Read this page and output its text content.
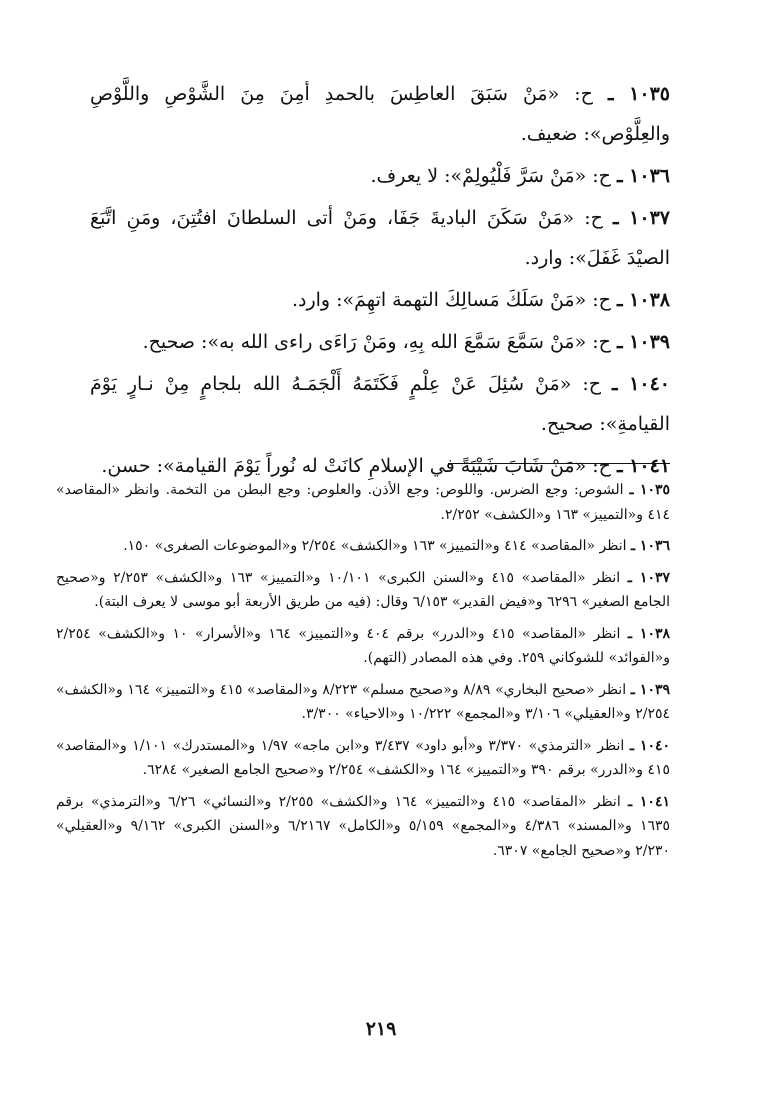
١٠٣٥ ـ ح: «مَنْ سَبَقَ العاطِسَ بالحمدِ أمِنَ مِنَ الشَّوْصِ واللَّوْصِ والعِلَّوْص»: ضعيف.

١٠٣٦ ـ ح: «مَنْ سَرَّ فَلْيُولِمْ»: لا يعرف.

١٠٣٧ ـ ح: «مَنْ سَكَنَ الباديةَ جَفَا، ومَنْ أتى السلطانَ افتُتِنَ، ومَنِ اتَّبَعَ الصيْدَ غَفَلَ»: وارد.

١٠٣٨ ـ ح: «مَنْ سَلَكَ مَسالِكَ التهمة اتهِمَ»: وارد.

١٠٣٩ ـ ح: «مَنْ سَمَّعَ سَمَّعَ الله بِهِ، ومَنْ رَاءَى راءى الله به»: صحيح.

١٠٤٠ ـ ح: «مَنْ سُئِلَ عَنْ عِلْمٍ فَكَتَمَهُ أَلْجَمَـهُ الله بلجامٍ مِنْ نـارٍ يَوْمَ القيامةِ»: صحيح.

١٠٤١ ـ ح: «مَنْ شَابَ شَيْبَةً في الإسلامِ كانَتْ له نُوراً يَوْمَ القيامة»: حسن.

١٠٣٥ ـ الشوص: وجع الضرس. واللوص: وجع الأذن. والعلوص: وجع البطن من التخمة. وانظر «المقاصد» ٤١٤ و«التمييز» ١٦٣ و«الكشف» ٢/٢٥٢.

١٠٣٦ ـ انظر «المقاصد» ٤١٤ و«التمييز» ١٦٣ و«الكشف» ٢/٢٥٤ و«الموضوعات الصغرى» ١٥٠.

١٠٣٧ ـ انظر «المقاصد» ٤١٥ و«السنن الكبرى» ١٠/١٠١ و«التمييز» ١٦٣ و«الكشف» ٢/٢٥٣ و«صحيح الجامع الصغير» ٦٢٩٦ و«فيض القدير» ٦/١٥٣ وقال: (فيه من طريق الأربعة أبو موسى لا يعرف البتة).

١٠٣٨ ـ انظر «المقاصد» ٤١٥ و«الدرر» برقم ٤٠٤ و«التمييز» ١٦٤ و«الأسرار» ١٠ و«الكشف» ٢/٢٥٤ و«الفوائد» للشوكاني ٢٥٩. وفي هذه المصادر (التهم).

١٠٣٩ ـ انظر «صحيح البخاري» ٨/٨٩ و«صحيح مسلم» ٨/٢٢٣ و«المقاصد» ٤١٥ و«التمييز» ١٦٤ و«الكشف» ٢/٢٥٤ و«العقيلي» ٣/١٠٦ و«المجمع» ١٠/٢٢٢ و«الاحياء» ٣/٣٠٠.

١٠٤٠ ـ انظر «الترمذي» ٣/٣٧٠ و«أبو داود» ٣/٤٣٧ و«ابن ماجه» ١/٩٧ و«المستدرك» ١/١٠١ و«المقاصد» ٤١٥ و«الدرر» برقم ٣٩٠ و«التمييز» ١٦٤ و«الكشف» ٢/٢٥٤ و«صحيح الجامع الصغير» ٦٢٨٤.

١٠٤١ ـ انظر «المقاصد» ٤١٥ و«التمييز» ١٦٤ و«الكشف» ٢/٢٥٥ و«النسائي» ٦/٢٦ و«الترمذي» برقم ١٦٣٥ و«المسند» ٤/٣٨٦ و«المجمع» ٥/١٥٩ و«الكامل» ٦/٢١٦٧ و«السنن الكبرى» ٩/١٦٢ و«العقيلي» ٢/٢٣٠ و«صحيح الجامع» ٦٣٠٧.

٢١٩
